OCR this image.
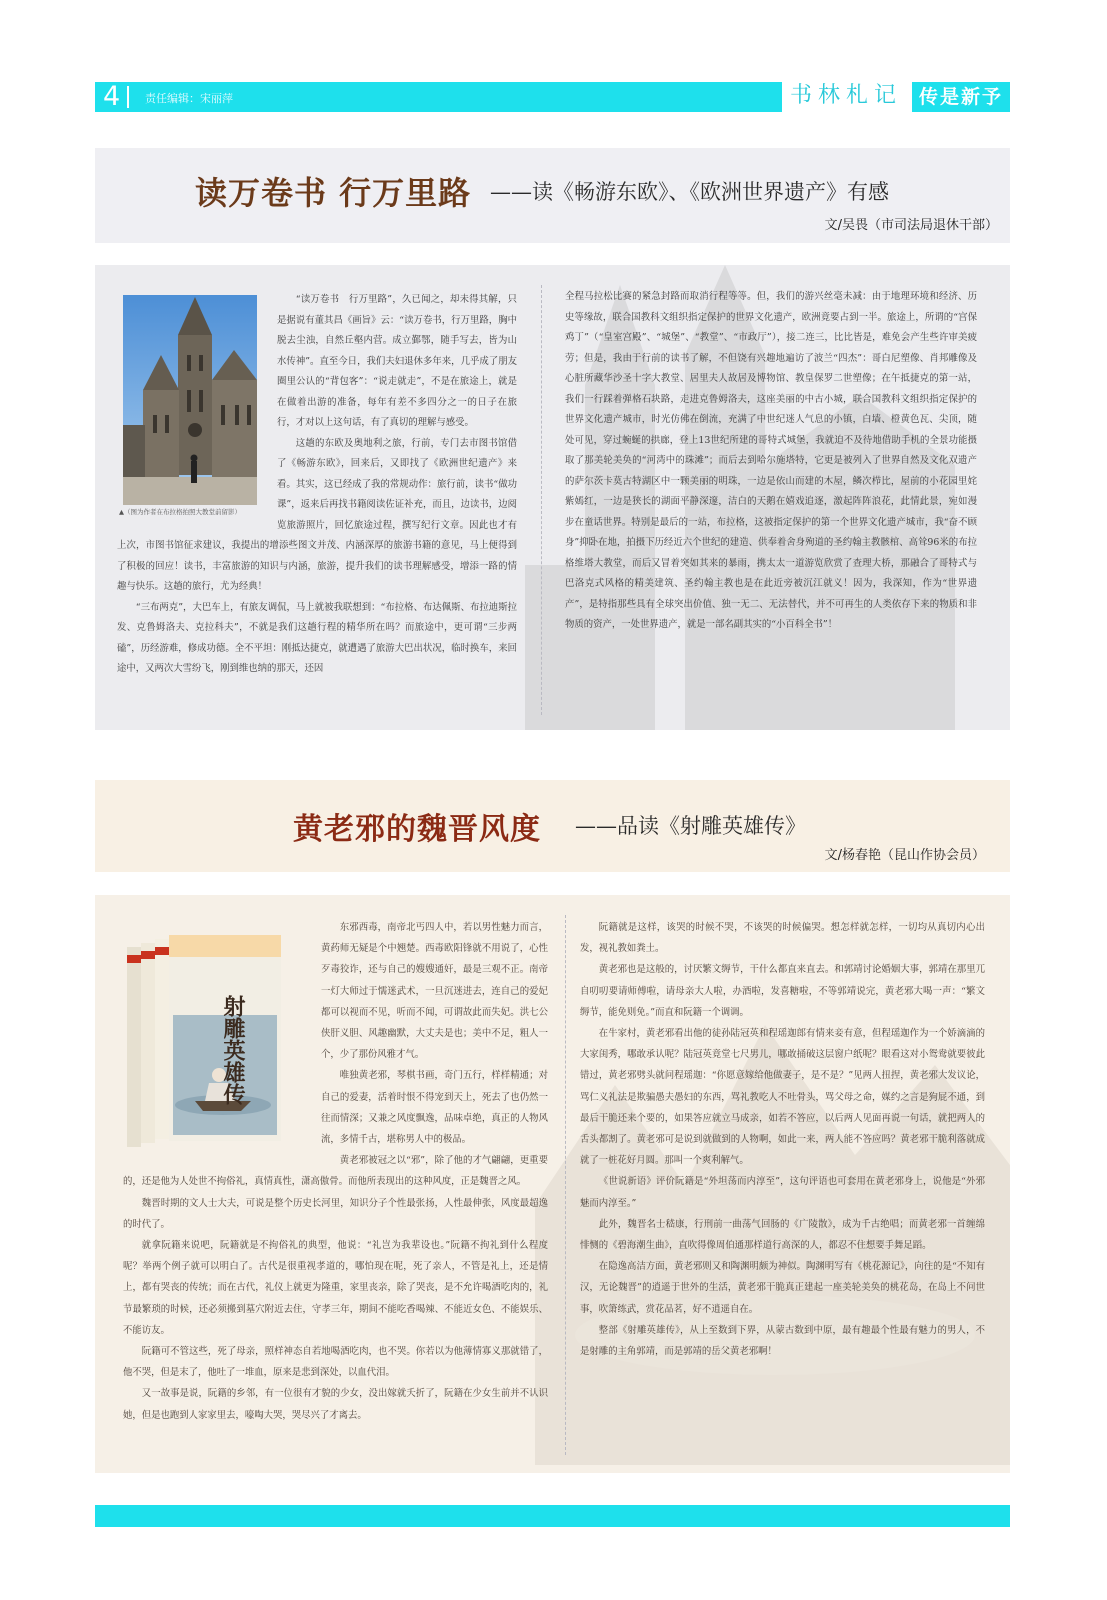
4 责任编辑：宋丽萍	书林札记 传是新予
读万卷书 行万里路 ——读《畅游东欧》、《欧洲世界遗产》有感
文/吴畏（市司法局退休干部）
▲（图为作者在布拉格拍照大教堂前留影）

“读万卷书　行万里路”，久已闻之，却未得其解，只是据说有董其昌《画旨》云：“读万卷书，行万里路，胸中脱去尘浊，自然丘壑内营。成立鄞鄂，随手写去，皆为山水传神”。直至今日，我们夫妇退休多年来，几乎成了朋友圈里公认的“背包客”：“说走就走”，不是在旅途上，就是在做着出游的准备，每年有差不多四分之一的日子在旅行，才对以上这句话，有了真切的理解与感受。

这趟的东欧及奥地利之旅，行前，专门去市图书馆借了《畅游东欧》，回来后，又即找了《欧洲世纪遗产》来看。其实，这已经成了我的常规动作：旅行前，读书“做功课”，返来后再找书籍阅读佐证补充，而且，边读书，边阅览旅游照片，回忆旅途过程，撰写纪行文章。因此也才有上次，市图书馆征求建议，我提出的增添些图文并茂、内涵深厚的旅游书籍的意见，马上便得到了积极的回应！读书，丰富旅游的知识与内涵，旅游，提升我们的读书理解感受，增添一路的情趣与快乐。这趟的旅行，尤为经典！

“三布两克”，大巴车上，有旅友调侃，马上就被我联想到：“布拉格、布达佩斯、布拉迪斯拉发、克鲁姆洛夫、克拉科夫”，不就是我们这趟行程的精华所在吗？而旅途中，更可谓“三步两磕”，历经游难，修成功德。全不平坦：刚抵达捷克，就遭遇了旅游大巴出状况，临时换车，来回途中，又两次大雪纷飞，刚到维也纳的那天，还因

全程马拉松比赛的紧急封路而取消行程等等。但，我们的游兴丝毫未减：由于地理环境和经济、历史等缘故，联合国教科文组织指定保护的世界文化遗产，欧洲竟要占到一半。旅途上，所谓的“宫保鸡丁”（“皇室宫殿”、“城堡”、“教堂”、“市政厅”），接二连三，比比皆是，难免会产生些许审美疲劳；但是，我由于行前的读书了解，不但饶有兴趣地遍访了波兰“四杰”：哥白尼塑像、肖邦雕像及心脏所藏华沙圣十字大教堂、居里夫人故居及博物馆、教皇保罗二世塑像；在午抵捷克的第一站，我们一行踩着弹格石块路，走进克鲁姆洛夫，这座美丽的中古小城，联合国教科文组织指定保护的世界文化遗产城市，时光仿佛在倒流，充满了中世纪迷人气息的小镇，白墙、橙黄色瓦、尖顶，随处可见，穿过蜿蜒的拱廊，登上13世纪所建的哥特式城堡，我就迫不及待地借助手机的全景功能摄取了那美轮美奂的“河湾中的珠滩”；而后去到哈尔施塔特，它更是被列入了世界自然及文化双遗产的萨尔茨卡莫古特湖区中一颗美丽的明珠，一边是依山而建的木屋，鳞次栉比，屋前的小花园里姹紫嫣红，一边是狭长的湖面平静深邃，洁白的天鹅在嬉戏追逐，激起阵阵浪花，此情此景，宛如漫步在童话世界。特别是最后的一站，布拉格，这被指定保护的第一个世界文化遗产城市，我“奋不顾身”抑卧在地，拍摄下历经近六个世纪的建造、供奉着舍身殉道的圣约翰主教骸棺、高耸96米的布拉格维塔大教堂，而后又冒着突如其来的暴雨，携太太一道游览欣赏了查理大桥，那融合了哥特式与巴洛克式风格的精美建筑、圣约翰主教也是在此近旁被沉江就义！因为，我深知，作为“世界遗产”，是特指那些具有全球突出价值、独一无二、无法替代，并不可再生的人类依存下来的物质和非物质的资产，一处世界遗产，就是一部名副其实的“小百科全书”！

黄老邪的魏晋风度 ——品读《射雕英雄传》
文/杨春艳（昆山作协会员）
射雕英雄传

东邪西毒，南帝北丐四人中，若以男性魅力而言，黄药师无疑是个中翘楚。西毒欧阳锋就不用说了，心性歹毒狡诈，还与自己的嫂嫂通奸，最是三观不正。南帝一灯大师过于懦迷武术，一旦沉迷进去，连自己的爱妃都可以视而不见，听而不闻，可谓故此而失妃。洪七公侠肝义胆、风趣幽默，大丈夫是也；美中不足，粗人一个，少了那份风雅才气。

唯独黄老邪，琴棋书画，奇门五行，样样精通；对自己的爱妻，活着时恨不得宠到天上，死去了也仍然一往而情深；又兼之风度飘逸，品味卓绝，真正的人物风流，多情千古，堪称男人中的极品。

黄老邪被冠之以“邪”，除了他的才气翩翩，更重要的，还是他为人处世不拘俗礼，真情真性，潇高傲骨。而他所表现出的这种风度，正是魏晋之风。

魏晋时期的文人士大夫，可说是整个历史长河里，知识分子个性最张扬，人性最伸张，风度最超逸的时代了。

就拿阮籍来说吧，阮籍就是不拘俗礼的典型，他说：“礼岂为我辈设也。”阮籍不拘礼到什么程度呢？举两个例子就可以明白了。古代是很重视孝道的，哪怕现在呢，死了亲人，不管是礼上，还是情上，都有哭丧的传统；而在古代，礼仪上就更为隆重，家里丧亲，除了哭丧，是不允许喝酒吃肉的，礼节最繁琐的时候，还必须搬到墓穴附近去住，守孝三年，期间不能吃香喝辣、不能近女色、不能娱乐、不能访友。

阮籍可不管这些，死了母亲，照样神态自若地喝酒吃肉，也不哭。你若以为他薄情寡义那就错了，他不哭，但是末了，他吐了一堆血，原来是悲到深处，以血代泪。

又一故事是说，阮籍的乡邻，有一位很有才貌的少女，没出嫁就夭折了，阮籍在少女生前并不认识她，但是也跑到人家家里去，嚎啕大哭，哭尽兴了才离去。

阮籍就是这样，该哭的时候不哭，不该哭的时候偏哭。想怎样就怎样，一切均从真切内心出发，视礼教如粪土。

黄老邪也是这般的，讨厌繁文缛节，干什么都直来直去。和郭靖讨论婚姻大事，郭靖在那里兀自叨叨要请师傅啦，请母亲大人啦，办酒啦，发喜糖啦，不等郭靖说完，黄老邪大喝一声：“繁文缛节，能免则免。”而直和阮籍一个调调。

在牛家村，黄老邪看出他的徒孙陆冠英和程瑶迦郎有情来妾有意，但程瑶迦作为一个娇滴滴的大家闺秀，哪敢承认呢？陆冠英竟堂七尺男儿，哪敢捅破这层窗户纸呢？眼看这对小鸳鸯就要彼此错过，黄老邪劈头就问程瑶迦：“你愿意嫁给他做妻子，是不是？”见两人扭捏，黄老邪大发议论，骂仁义礼法是欺骗愚夫愚妇的东西，骂礼教吃人不吐骨头，骂父母之命，媒约之言是狗屁不通，到最后干脆还来个要的，如果答应就立马成亲，如若不答应，以后两人见面再说一句话，就把两人的舌头都割了。黄老邪可是说到就做到的人物啊，如此一来，两人能不答应吗？黄老邪干脆利落就成就了一桩花好月圆。那叫一个爽利解气。

《世说新语》评价阮籍是“外坦荡而内淳至”，这句评语也可套用在黄老邪身上，说他是“外邪魅而内淳至。”

此外，魏晋名士嵇康，行刑前一曲荡气回肠的《广陵散》，成为千古绝唱；而黄老邪一首缠绵悱恻的《碧海潮生曲》，直吹得像周伯通那样道行高深的人，都忍不住想要手舞足蹈。

在隐逸高洁方面，黄老邪则又和陶渊明颇为神似。陶渊明写有《桃花源记》，向往的是“不知有汉，无论魏晋”的逍遥于世外的生活，黄老邪干脆真正建起一座美轮美奂的桃花岛，在岛上不问世事，吹箫练武，赏花品茗，好不逍遥自在。

整部《射雕英雄传》，从上至数到下界，从蒙古数到中原，最有趣最个性最有魅力的男人，不是射雕的主角郭靖，而是郭靖的岳父黄老邪啊！
